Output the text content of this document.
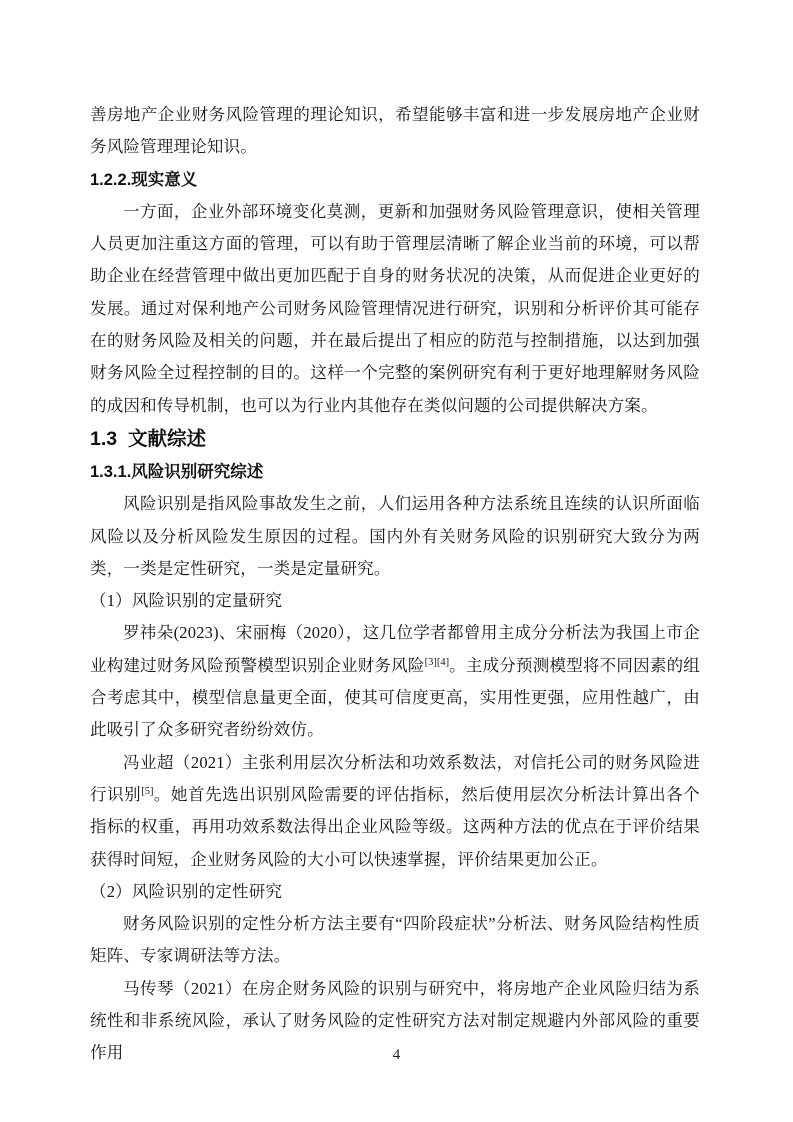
善房地产企业财务风险管理的理论知识，希望能够丰富和进一步发展房地产企业财务风险管理理论知识。

1.2.2.现实意义

一方面，企业外部环境变化莫测，更新和加强财务风险管理意识，使相关管理人员更加注重这方面的管理，可以有助于管理层清晰了解企业当前的环境，可以帮助企业在经营管理中做出更加匹配于自身的财务状况的决策，从而促进企业更好的发展。通过对保利地产公司财务风险管理情况进行研究，识别和分析评价其可能存在的财务风险及相关的问题，并在最后提出了相应的防范与控制措施，以达到加强财务风险全过程控制的目的。这样一个完整的案例研究有利于更好地理解财务风险的成因和传导机制，也可以为行业内其他存在类似问题的公司提供解决方案。

1.3  文献综述
1.3.1.风险识别研究综述

风险识别是指风险事故发生之前，人们运用各种方法系统且连续的认识所面临风险以及分析风险发生原因的过程。国内外有关财务风险的识别研究大致分为两类，一类是定性研究，一类是定量研究。

（1）风险识别的定量研究

罗祎朵(2023)、宋丽梅（2020），这几位学者都曾用主成分分析法为我国上市企业构建过财务风险预警模型识别企业财务风险[3][4]。主成分预测模型将不同因素的组合考虑其中，模型信息量更全面，使其可信度更高，实用性更强，应用性越广，由此吸引了众多研究者纷纷效仿。

冯业超（2021）主张利用层次分析法和功效系数法，对信托公司的财务风险进行识别[5]。她首先选出识别风险需要的评估指标，然后使用层次分析法计算出各个指标的权重，再用功效系数法得出企业风险等级。这两种方法的优点在于评价结果获得时间短，企业财务风险的大小可以快速掌握，评价结果更加公正。

（2）风险识别的定性研究

财务风险识别的定性分析方法主要有“四阶段症状”分析法、财务风险结构性质矩阵、专家调研法等方法。

马传琴（2021）在房企财务风险的识别与研究中，将房地产企业风险归结为系统性和非系统风险，承认了财务风险的定性研究方法对制定规避内外部风险的重要作用	4
